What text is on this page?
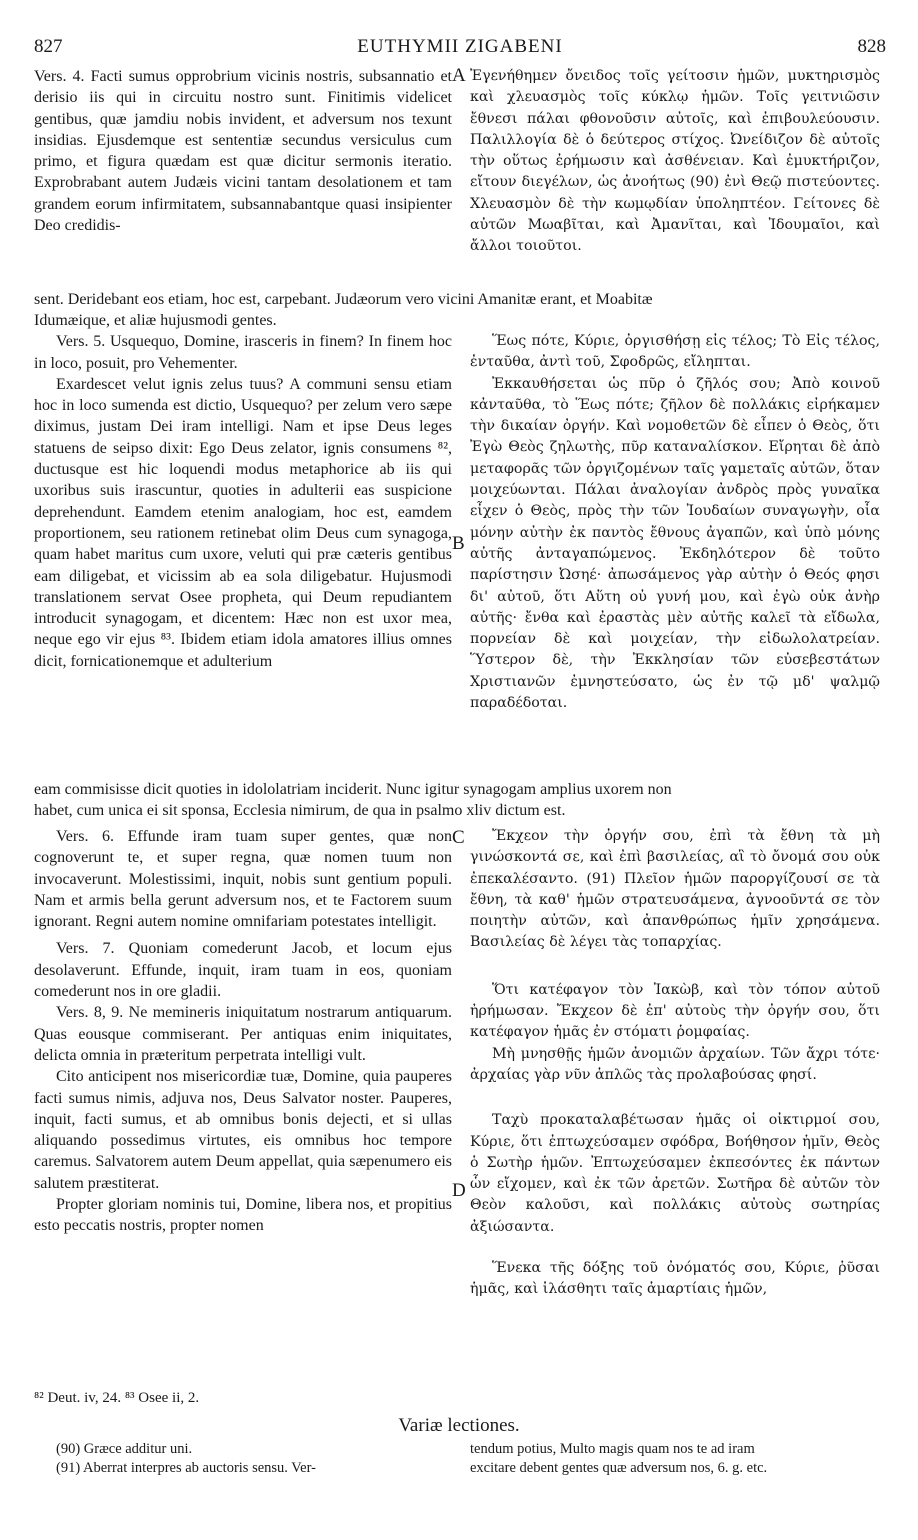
827	EUTHYMII ZIGABENI	828
A
B
C
D

Vers. 4. Facti sumus opprobrium vicinis nostris, subsannatio et derisio iis qui in circuitu nostro sunt. Finitimis videlicet gentibus, quæ jamdiu nobis invident, et adversum nos texunt insidias. Ejusdemque est sententiæ secundus versiculus cum primo, et figura quædam est quæ dicitur sermonis iteratio. Exprobrabant autem Judæis vicini tantam desolationem et tam grandem eorum infirmitatem, subsannabantque quasi insipienter Deo credidis-

Ἐγενήθημεν ὄνειδος τοῖς γείτοσιν ἡμῶν, μυκτηρισμὸς καὶ χλευασμὸς τοῖς κύκλῳ ἡμῶν. Τοῖς γειτνιῶσιν ἔθνεσι πάλαι φθονοῦσιν αὐτοῖς, καὶ ἐπιβουλεύουσιν. Παλιλλογία δὲ ὁ δεύτερος στίχος. Ὠνείδιζον δὲ αὐτοῖς τὴν οὕτως ἐρήμωσιν καὶ ἀσθένειαν. Καὶ ἐμυκτήριζον, εἴτουν διεγέλων, ὡς ἀνοήτως (90) ἐνὶ Θεῷ πιστεύοντες. Χλευασμὸν δὲ τὴν κωμῳδίαν ὑποληπτέον. Γείτονες δὲ αὐτῶν Μωαβῖται, καὶ Ἀμανῖται, καὶ Ἰδουμαῖοι, καὶ ἄλλοι τοιοῦτοι.

sent. Deridebant eos etiam, hoc est, carpebant. Judæorum vero vicini Amanitæ erant, et Moabitæ

Idumæique, et aliæ hujusmodi gentes.

Vers. 5. Usquequo, Domine, irasceris in finem? In finem hoc in loco, posuit, pro Vehementer.

Exardescet velut ignis zelus tuus? A communi sensu etiam hoc in loco sumenda est dictio, Usquequo? per zelum vero sæpe diximus, justam Dei iram intelligi. Nam et ipse Deus leges statuens de seipso dixit: Ego Deus zelator, ignis consumens ⁸², ductusque est hic loquendi modus metaphorice ab iis qui uxoribus suis irascuntur, quoties in adulterii eas suspicione deprehendunt. Eamdem etenim analogiam, hoc est, eamdem proportionem, seu rationem retinebat olim Deus cum synagoga, quam habet maritus cum uxore, veluti qui præ cæteris gentibus eam diligebat, et vicissim ab ea sola diligebatur. Hujusmodi translationem servat Osee propheta, qui Deum repudiantem introducit synagogam, et dicentem: Hæc non est uxor mea, neque ego vir ejus ⁸³. Ibidem etiam idola amatores illius omnes dicit, fornicationemque et adulterium

Ἕως πότε, Κύριε, ὀργισθήσῃ εἰς τέλος; Τὸ Εἰς τέλος, ἐνταῦθα, ἀντὶ τοῦ, Σφοδρῶς, εἴληπται.

Ἐκκαυθήσεται ὡς πῦρ ὁ ζῆλός σου; Ἀπὸ κοινοῦ κἀνταῦθα, τὸ Ἕως πότε; ζῆλον δὲ πολλάκις εἰρήκαμεν τὴν δικαίαν ὀργήν. Καὶ νομοθετῶν δὲ εἶπεν ὁ Θεὸς, ὅτι Ἐγὼ Θεὸς ζηλωτὴς, πῦρ καταναλίσκον. Εἴρηται δὲ ἀπὸ μεταφορᾶς τῶν ὀργιζομένων ταῖς γαμεταῖς αὐτῶν, ὅταν μοιχεύωνται. Πάλαι ἀναλογίαν ἀνδρὸς πρὸς γυναῖκα εἶχεν ὁ Θεὸς, πρὸς τὴν τῶν Ἰουδαίων συναγωγὴν, οἷα μόνην αὐτὴν ἐκ παντὸς ἔθνους ἀγαπῶν, καὶ ὑπὸ μόνης αὐτῆς ἀνταγαπώμενος. Ἐκδηλότερον δὲ τοῦτο παρίστησιν Ὠσηέ· ἀπωσάμενος γὰρ αὐτὴν ὁ Θεός φησι δι' αὐτοῦ, ὅτι Αὕτη οὐ γυνή μου, καὶ ἐγὼ οὐκ ἀνὴρ αὐτῆς· ἔνθα καὶ ἐραστὰς μὲν αὐτῆς καλεῖ τὰ εἴδωλα, πορνείαν δὲ καὶ μοιχείαν, τὴν εἰδωλολατρείαν. Ὕστερον δὲ, τὴν Ἐκκλησίαν τῶν εὐσεβεστάτων Χριστιανῶν ἐμνηστεύσατο, ὡς ἐν τῷ μδ' ψαλμῷ παραδέδοται.

eam commisisse dicit quoties in idololatriam inciderit. Nunc igitur synagogam amplius uxorem non

habet, cum unica ei sit sponsa, Ecclesia nimirum, de qua in psalmo xliv dictum est.

Vers. 6. Effunde iram tuam super gentes, quæ non cognoverunt te, et super regna, quæ nomen tuum non invocaverunt. Molestissimi, inquit, nobis sunt gentium populi. Nam et armis bella gerunt adversum nos, et te Factorem suum ignorant. Regni autem nomine omnifariam potestates intelligit.

Vers. 7. Quoniam comederunt Jacob, et locum ejus desolaverunt. Effunde, inquit, iram tuam in eos, quoniam comederunt nos in ore gladii.

Vers. 8, 9. Ne memineris iniquitatum nostrarum antiquarum. Quas eousque commiserant. Per antiquas enim iniquitates, delicta omnia in præteritum perpetrata intelligi vult.

Cito anticipent nos misericordiæ tuæ, Domine, quia pauperes facti sumus nimis, adjuva nos, Deus Salvator noster. Pauperes, inquit, facti sumus, et ab omnibus bonis dejecti, et si ullas aliquando possedimus virtutes, eis omnibus hoc tempore caremus. Salvatorem autem Deum appellat, quia sæpenumero eis salutem præstiterat.

Propter gloriam nominis tui, Domine, libera nos, et propitius esto peccatis nostris, propter nomen

Ἔκχεον τὴν ὀργήν σου, ἐπὶ τὰ ἔθνη τὰ μὴ γινώσκοντά σε, καὶ ἐπὶ βασιλείας, αἳ τὸ ὄνομά σου οὐκ ἐπεκαλέσαντο. (91) Πλεῖον ἡμῶν παροργίζουσί σε τὰ ἔθνη, τὰ καθ' ἡμῶν στρατευσάμενα, ἀγνοοῦντά σε τὸν ποιητὴν αὐτῶν, καὶ ἀπανθρώπως ἡμῖν χρησάμενα. Βασιλείας δὲ λέγει τὰς τοπαρχίας.

Ὅτι κατέφαγον τὸν Ἰακὼβ, καὶ τὸν τόπον αὐτοῦ ἠρήμωσαν. Ἔκχεον δὲ ἐπ' αὐτοὺς τὴν ὀργήν σου, ὅτι κατέφαγον ἡμᾶς ἐν στόματι ῥομφαίας.

Μὴ μνησθῇς ἡμῶν ἀνομιῶν ἀρχαίων. Τῶν ἄχρι τότε· ἀρχαίας γὰρ νῦν ἁπλῶς τὰς προλαβούσας φησί.

Ταχὺ προκαταλαβέτωσαν ἡμᾶς οἱ οἰκτιρμοί σου, Κύριε, ὅτι ἐπτωχεύσαμεν σφόδρα, Βοήθησον ἡμῖν, Θεὸς ὁ Σωτὴρ ἡμῶν. Ἐπτωχεύσαμεν ἐκπεσόντες ἐκ πάντων ὧν εἴχομεν, καὶ ἐκ τῶν ἀρετῶν. Σωτῆρα δὲ αὐτῶν τὸν Θεὸν καλοῦσι, καὶ πολλάκις αὐτοὺς σωτηρίας ἀξιώσαντα.

Ἕνεκα τῆς δόξης τοῦ ὀνόματός σου, Κύριε, ῥῦσαι ἡμᾶς, καὶ ἱλάσθητι ταῖς ἁμαρτίαις ἡμῶν,

⁸² Deut. iv, 24. ⁸³ Osee ii, 2.
Variæ lectiones.
(90) Græce additur uni.
(91) Aberrat interpres ab auctoris sensu. Ver-
tendum potius, Multo magis quam nos te ad iram
excitare debent gentes quæ adversum nos, 6. g. etc.
